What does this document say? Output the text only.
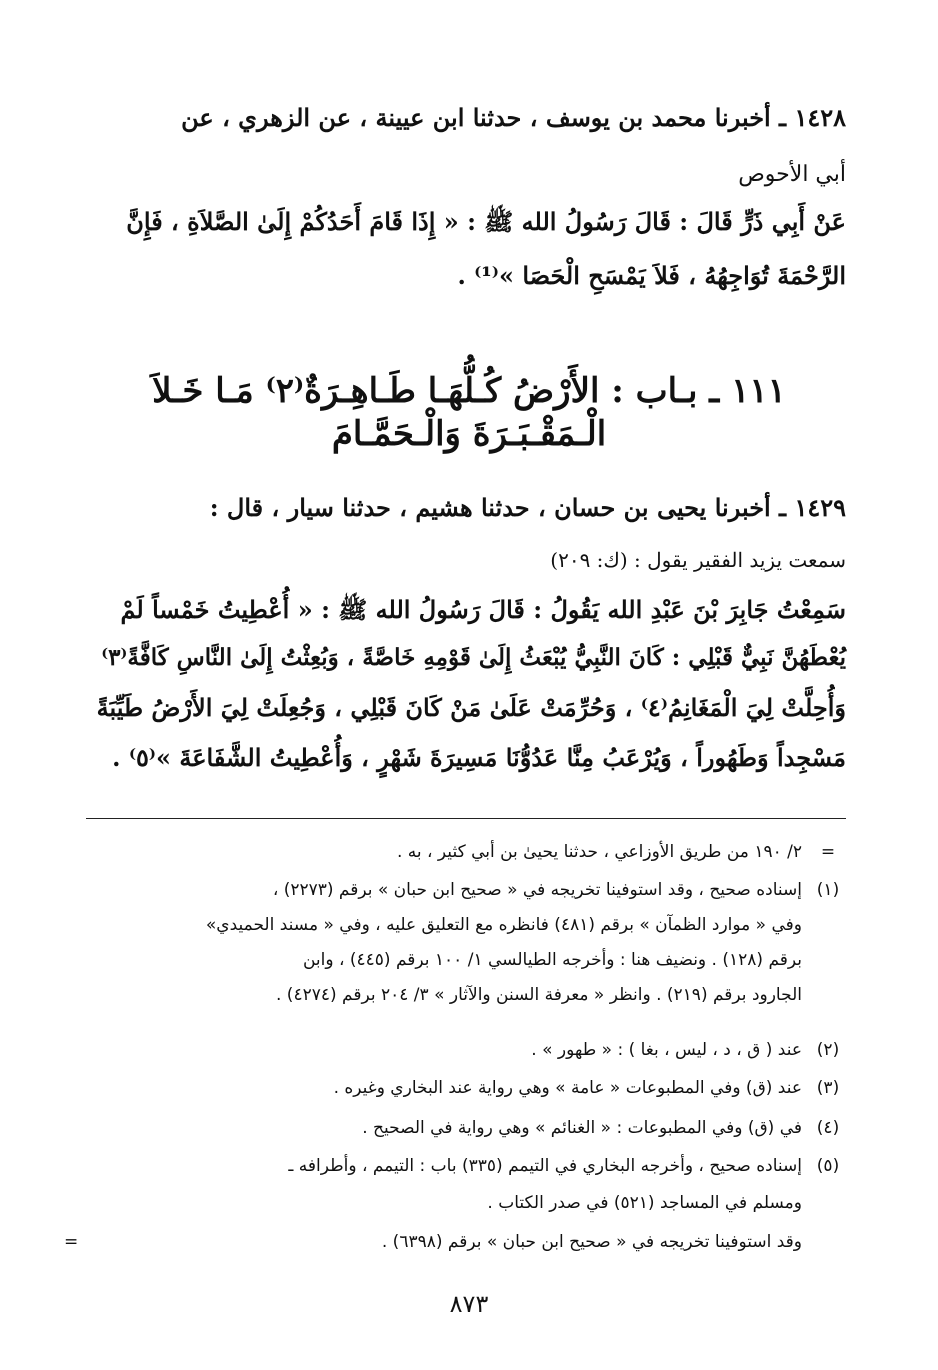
١٤٢٨ ـ أخبرنا محمد بن يوسف ، حدثنا ابن عيينة ، عن الزهري ، عن
أبي الأحوص
عَنْ أَبِي ذَرٍّ قَالَ : قَالَ رَسُولُ الله ﷺ : « إِذَا قَامَ أَحَدُكُمْ إِلَىٰ الصَّلاَةِ ، فَإِنَّ
الرَّحْمَةَ تُوَاجِهُهُ ، فَلاَ يَمْسَحِ الْحَصَا »⁽¹⁾ .
١١١ ـ بـاب : الأَرْضُ كُـلُّهَـا طَـاهِـرَةٌ⁽٢⁾ مَـا خَـلاَ
الْـمَقْـبَـرَةَ وَالْـحَمَّـامَ
١٤٢٩ ـ أخبرنا يحيى بن حسان ، حدثنا هشيم ، حدثنا سيار ، قال :
سمعت يزيد الفقير يقول : (ك: ٢٠٩)
سَمِعْتُ جَابِرَ بْنَ عَبْدِ الله يَقُولُ : قَالَ رَسُولُ الله ﷺ : « أُعْطِيتُ خَمْساً لَمْ
يُعْطَهُنَّ نَبِيٌّ قَبْلِي : كَانَ النَّبِيُّ يُبْعَثُ إِلَىٰ قَوْمِهِ خَاصَّةً ، وَبُعِثْتُ إِلَىٰ النَّاسِ كَافَّةً⁽٣⁾
وَأُحِلَّتْ لِيَ الْمَغَانِمُ⁽٤⁾ ، وَحُرِّمَتْ عَلَىٰ مَنْ كَانَ قَبْلِي ، وَجُعِلَتْ لِيَ الأَرْضُ طَيِّبَةً
مَسْجِداً وَطَهُوراً ، وَيُرْعَبُ مِنَّا عَدُوُّنَا مَسِيرَةَ شَهْرٍ ، وَأُعْطِيتُ الشَّفَاعَةَ »⁽٥⁾ .
=
٢/ ١٩٠ من طريق الأوزاعي ، حدثنا يحيىٰ بن أبي كثير ، به .
(١)
إسناده صحيح ، وقد استوفينا تخريجه في « صحيح ابن حبان » برقم (٢٢٧٣) ،
وفي « موارد الظمآن » برقم (٤٨١) فانظره مع التعليق عليه ، وفي « مسند الحميدي»
برقم (١٢٨) . ونضيف هنا : وأخرجه الطيالسي ١/ ١٠٠ برقم (٤٤٥) ، وابن
الجارود برقم (٢١٩) . وانظر « معرفة السنن والآثار » ٣/ ٢٠٤ برقم (٤٢٧٤) .
(٢)
عند ( ق ، د ، ليس ، بغا ) : « طهور » .
(٣)
عند (ق) وفي المطبوعات « عامة » وهي رواية عند البخاري وغيره .
(٤)
في (ق) وفي المطبوعات : « الغنائم » وهي رواية في الصحيح .
(٥)
إسناده صحيح ، وأخرجه البخاري في التيمم (٣٣٥) باب : التيمم ، وأطرافه ـ
ومسلم في المساجد (٥٢١) في صدر الكتاب .
وقد استوفينا تخريجه في « صحيح ابن حبان » برقم (٦٣٩٨) .
=
٨٧٣
